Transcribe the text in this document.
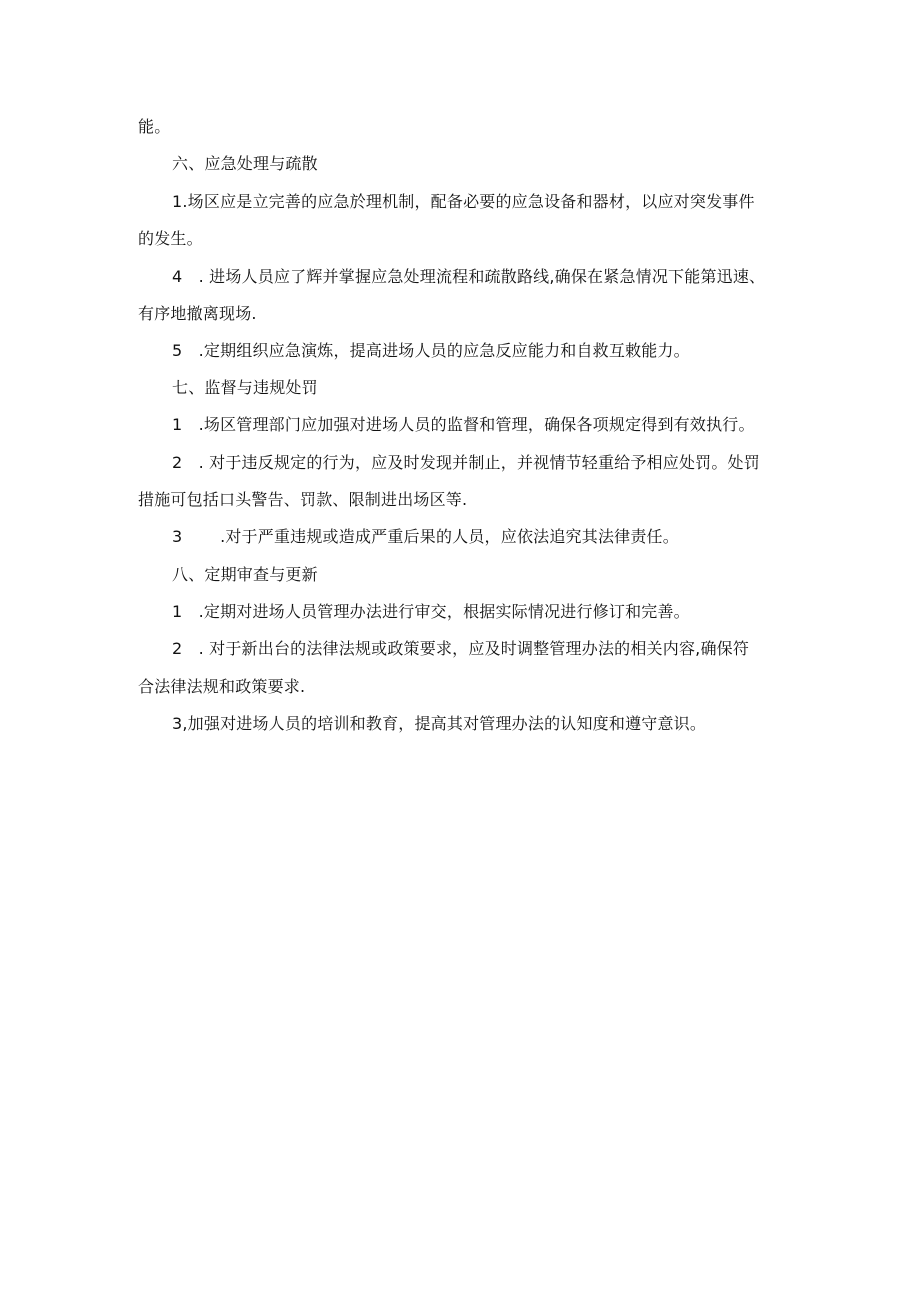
能。
六、应急处理与疏散
1.场区应是立完善的应急於理机制，配备必要的应急设备和器材，以应对突发事件
的发生。
4　. 进场人员应了辉并掌握应急处理流程和疏散路线,确保在紧急情况下能第迅速、
有序地撤离现场.
5　.定期组织应急演炼，提高进场人员的应急反应能力和自救互敕能力。
七、监督与违规处罚
1　.场区管理部门应加强对进场人员的监督和管理，确保各项规定得到有效执行。
2　. 对于违反规定的行为，应及时发现并制止，并视情节轻重给予相应处罚。处罚
措施可包括口头警告、罚款、限制进出场区等.
3　　 .对于严重违规或造成严重后果的人员，应依法追究其法律责任。
八、定期审查与更新
1　.定期对进场人员管理办法进行审交，根据实际情况进行修订和完善。
2　. 对于新出台的法律法规或政策要求，应及时调整管理办法的相关内容,确保符
合法律法规和政策要求.
3,加强对进场人员的培训和教育，提高其对管理办法的认知度和遵守意识。
